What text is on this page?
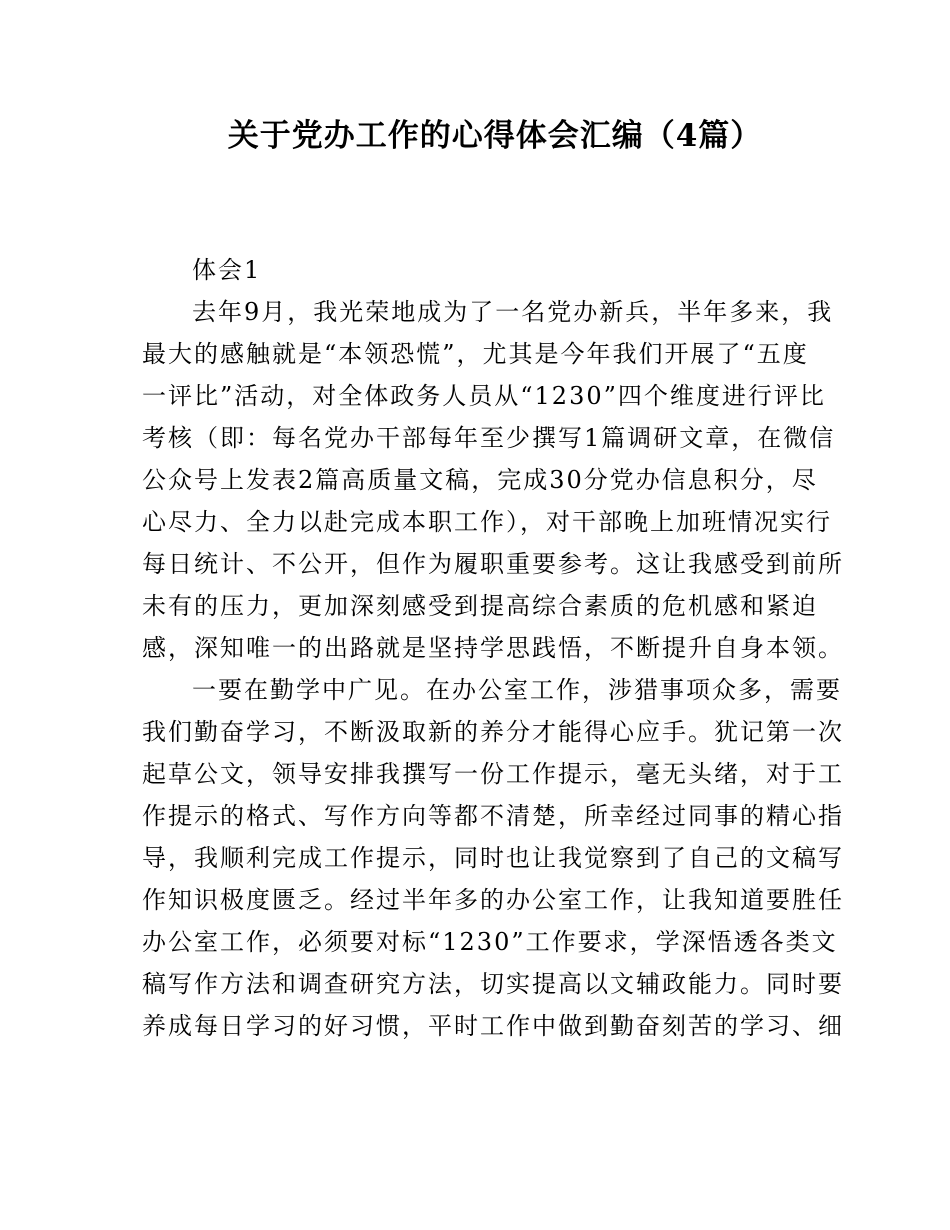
关于党办工作的心得体会汇编（4篇）

体会1

去年9月，我光荣地成为了一名党办新兵，半年多来，我
最大的感触就是“本领恐慌”，尤其是今年我们开展了“五度
一评比”活动，对全体政务人员从“1230”四个维度进行评比
考核（即：每名党办干部每年至少撰写1篇调研文章，在微信
公众号上发表2篇高质量文稿，完成30分党办信息积分，尽
心尽力、全力以赴完成本职工作），对干部晚上加班情况实行
每日统计、不公开，但作为履职重要参考。这让我感受到前所
未有的压力，更加深刻感受到提高综合素质的危机感和紧迫
感，深知唯一的出路就是坚持学思践悟，不断提升自身本领。

一要在勤学中广见。在办公室工作，涉猎事项众多，需要
我们勤奋学习，不断汲取新的养分才能得心应手。犹记第一次
起草公文，领导安排我撰写一份工作提示，毫无头绪，对于工
作提示的格式、写作方向等都不清楚，所幸经过同事的精心指
导，我顺利完成工作提示，同时也让我觉察到了自己的文稿写
作知识极度匮乏。经过半年多的办公室工作，让我知道要胜任
办公室工作，必须要对标“1230”工作要求，学深悟透各类文
稿写作方法和调查研究方法，切实提高以文辅政能力。同时要
养成每日学习的好习惯，平时工作中做到勤奋刻苦的学习、细
